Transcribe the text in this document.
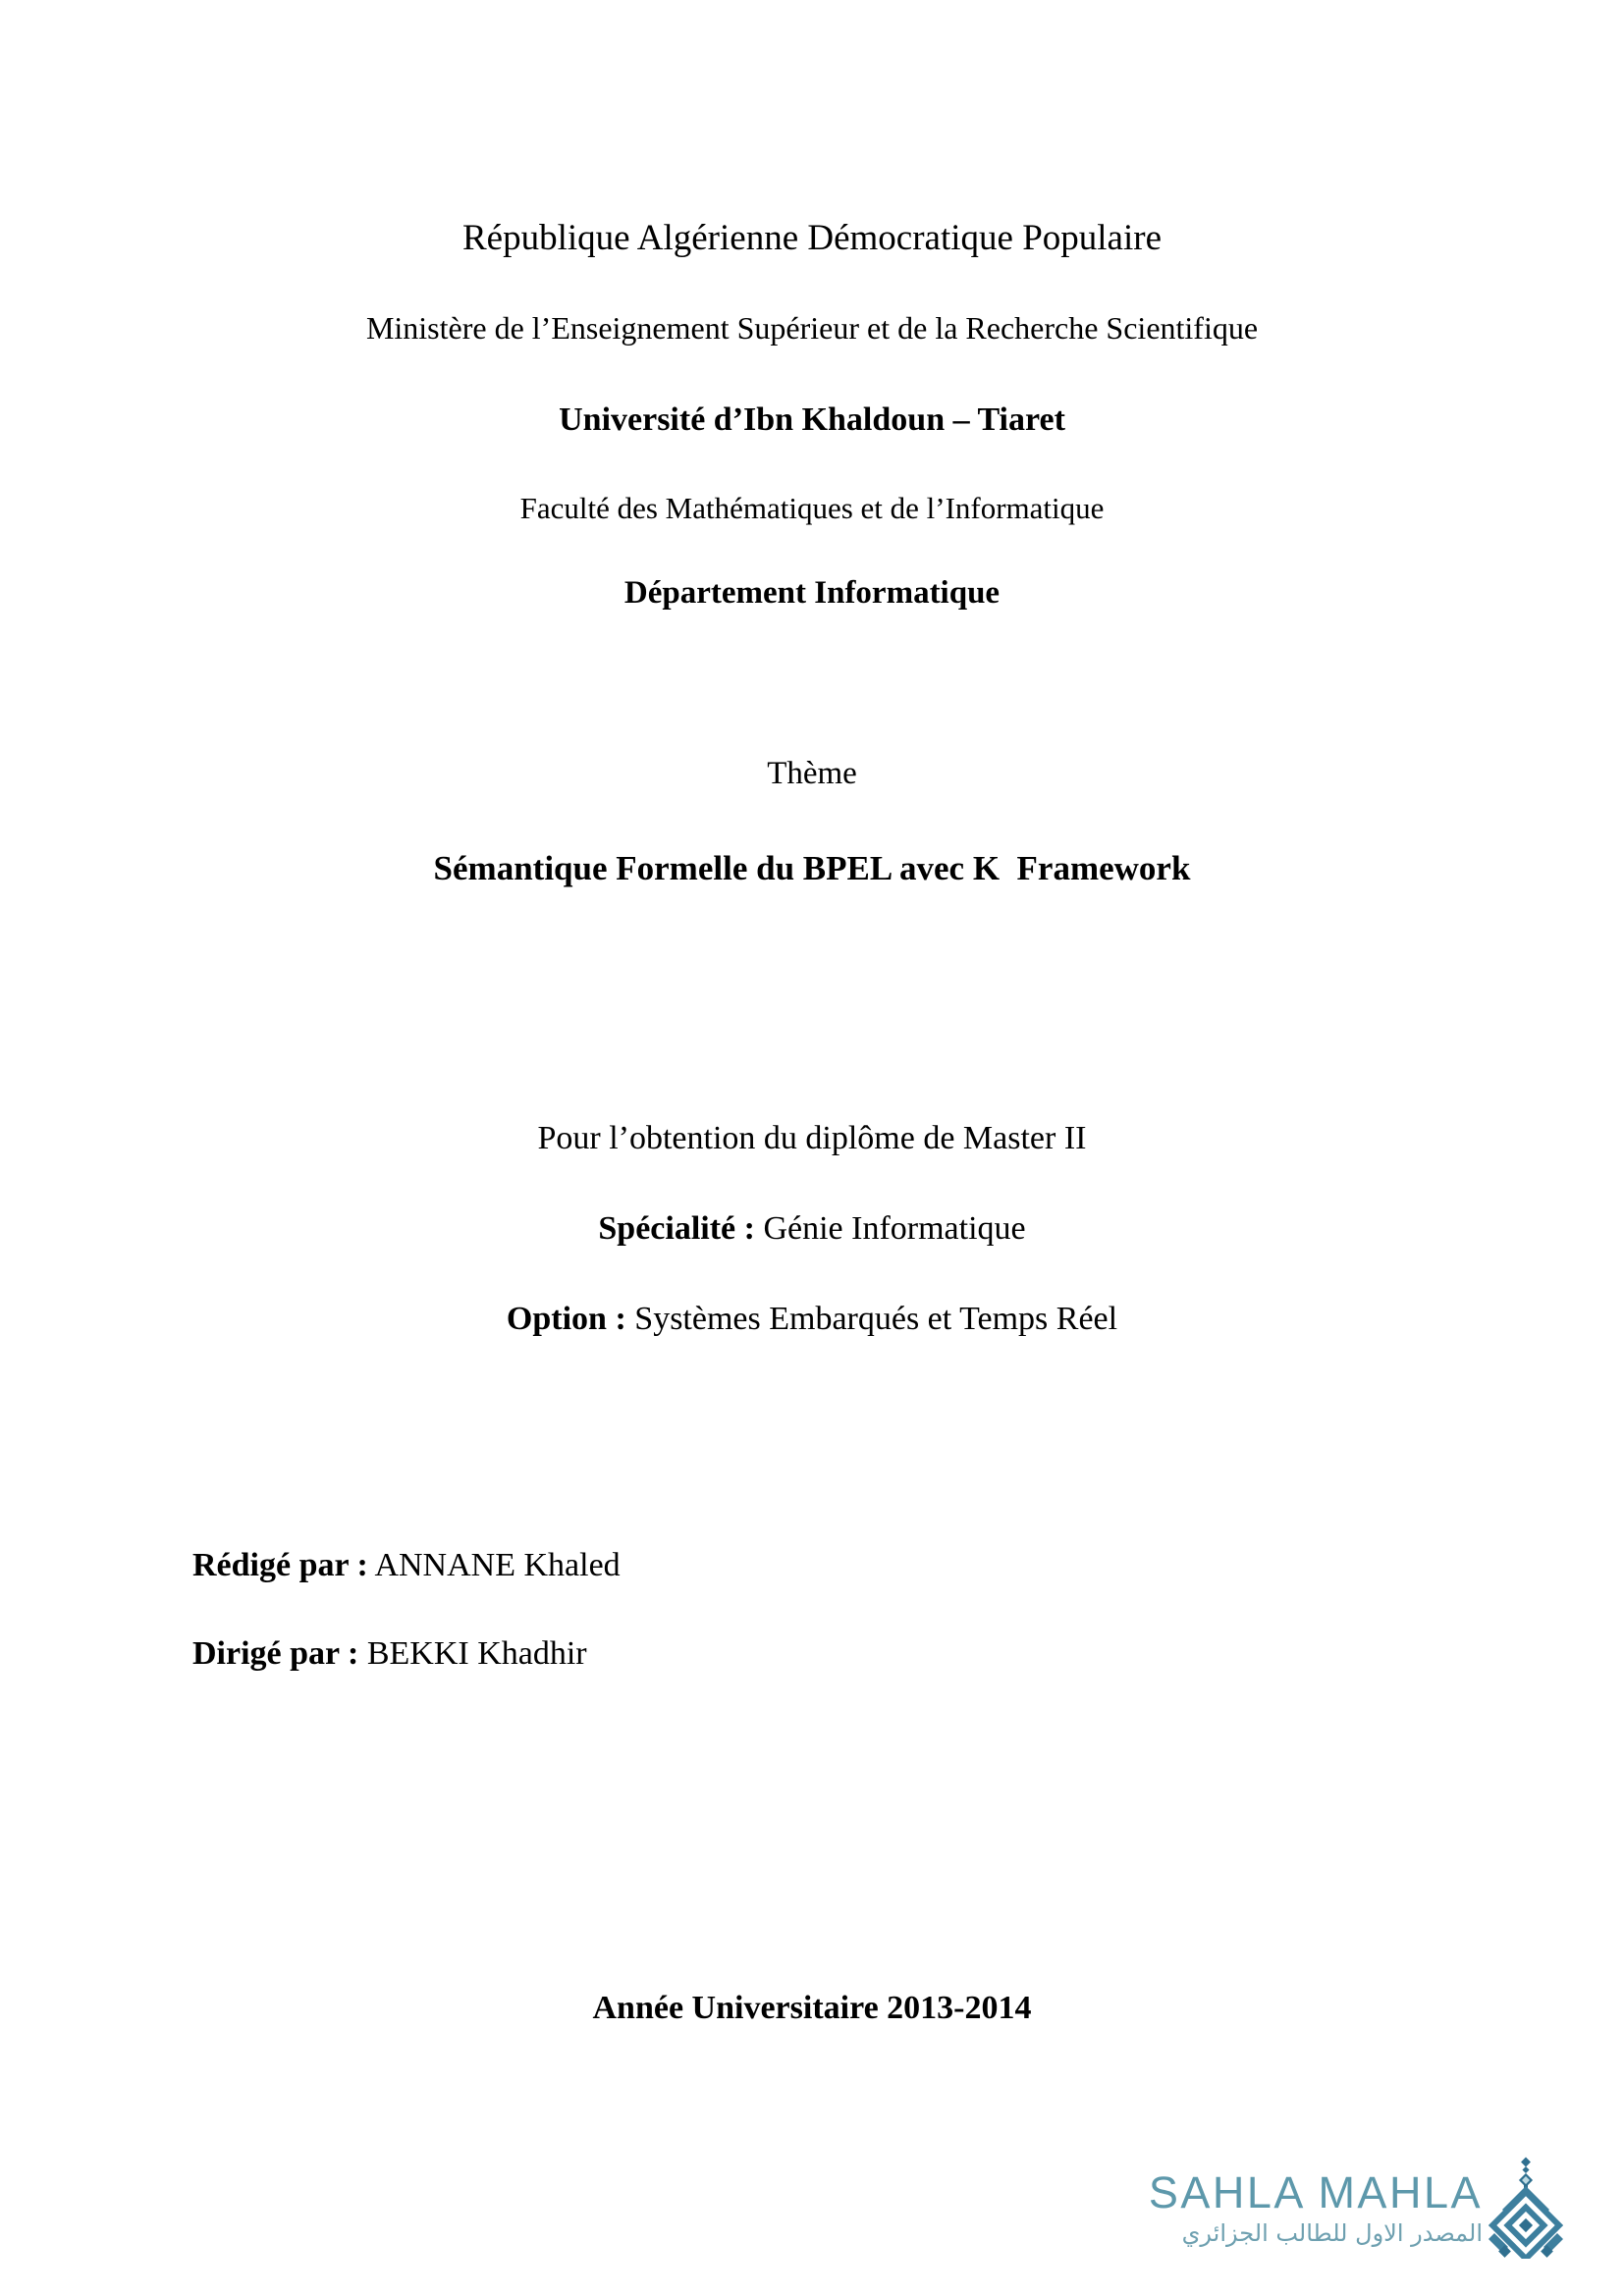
République Algérienne Démocratique Populaire
Ministère de l’Enseignement Supérieur et de la Recherche Scientifique
Université d’Ibn Khaldoun – Tiaret
Faculté des Mathématiques et de l’Informatique
Département Informatique
Thème
Sémantique Formelle du BPEL avec K  Framework
Pour l’obtention du diplôme de Master II
Spécialité : Génie Informatique
Option : Systèmes Embarqués et Temps Réel
Rédigé par : ANNANE Khaled
Dirigé par : BEKKI Khadhir
Année Universitaire 2013-2014
SAHLA MAHLA
المصدر الاول للطالب الجزائري
